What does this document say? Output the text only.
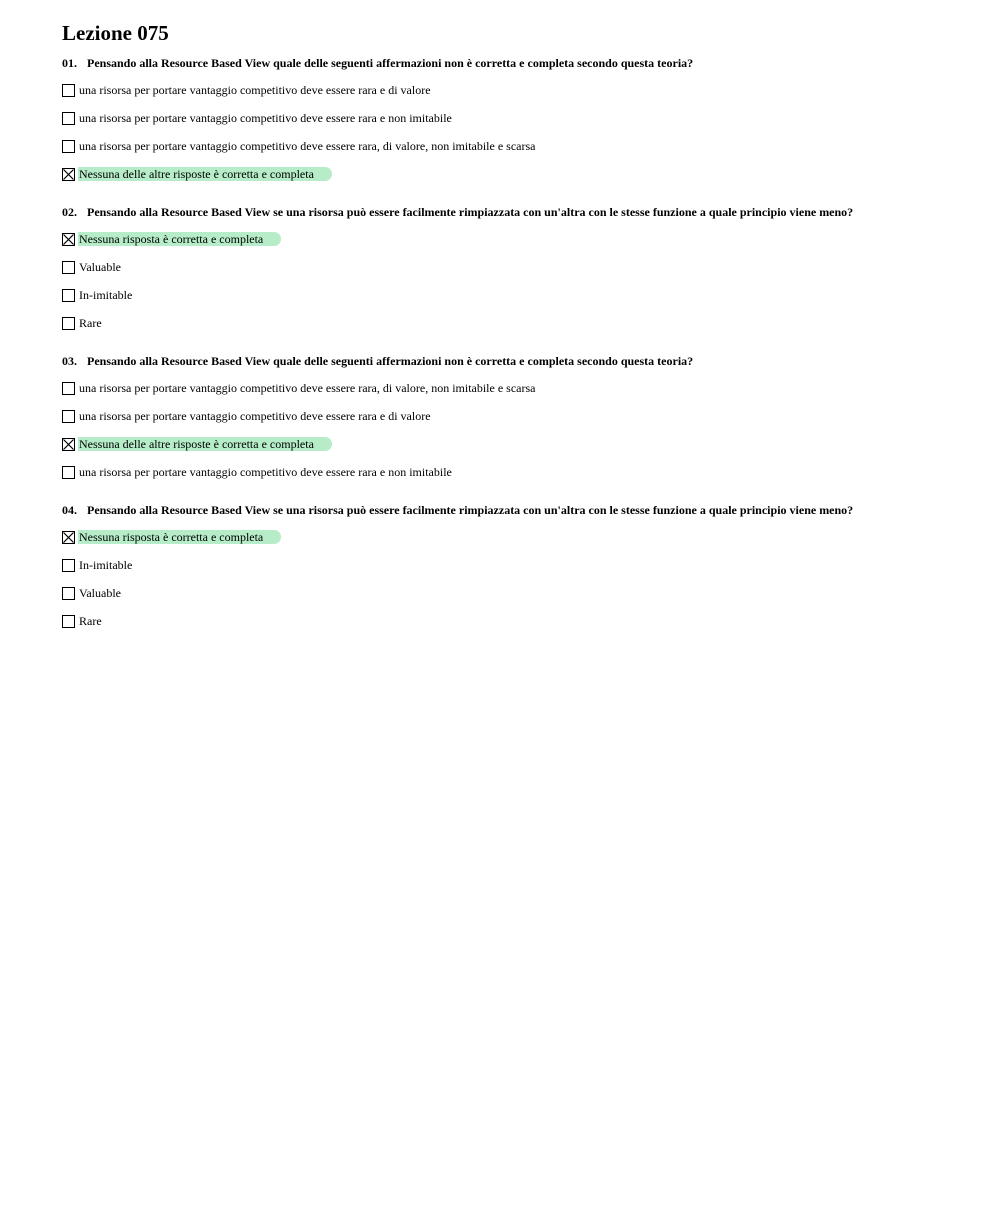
Lezione 075
01. Pensando alla Resource Based View quale delle seguenti affermazioni non è corretta e completa secondo questa teoria?
una risorsa per portare vantaggio competitivo deve essere rara e di valore
una risorsa per portare vantaggio competitivo deve essere rara e non imitabile
una risorsa per portare vantaggio competitivo deve essere rara, di valore, non imitabile e scarsa
Nessuna delle altre risposte è corretta e completa
02. Pensando alla Resource Based View se una risorsa può essere facilmente rimpiazzata con un'altra con le stesse funzione a quale principio viene meno?
Nessuna risposta è corretta e completa
Valuable
In-imitable
Rare
03. Pensando alla Resource Based View quale delle seguenti affermazioni non è corretta e completa secondo questa teoria?
una risorsa per portare vantaggio competitivo deve essere rara, di valore, non imitabile e scarsa
una risorsa per portare vantaggio competitivo deve essere rara e di valore
Nessuna delle altre risposte è corretta e completa
una risorsa per portare vantaggio competitivo deve essere rara e non imitabile
04. Pensando alla Resource Based View se una risorsa può essere facilmente rimpiazzata con un'altra con le stesse funzione a quale principio viene meno?
Nessuna risposta è corretta e completa
In-imitable
Valuable
Rare
